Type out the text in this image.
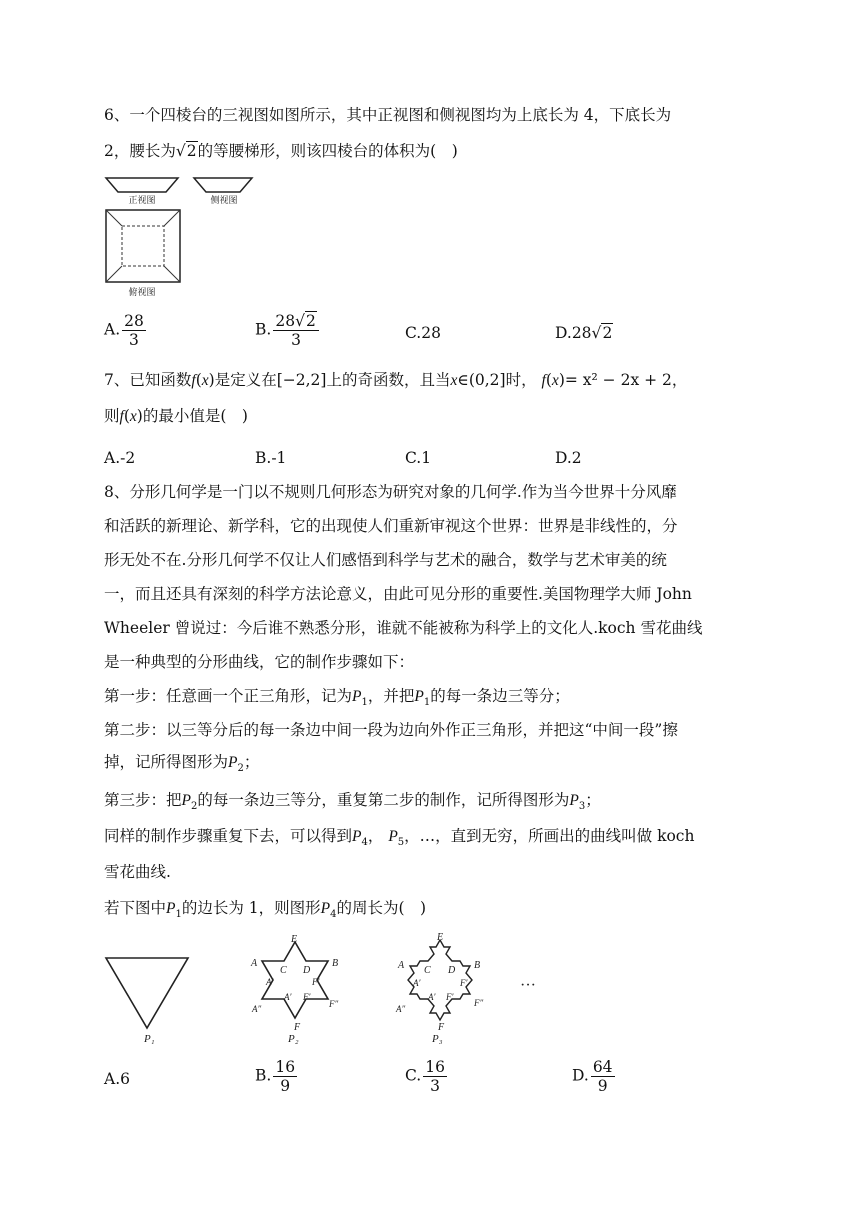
6、一个四棱台的三视图如图所示，其中正视图和侧视图均为上底长为 4，下底长为
2，腰长为√2的等腰梯形，则该四棱台的体积为(　)
正视图	侧视图
俯视图
A. $\frac{28}{3}$	B. $\frac{28√2}{3}$	C.28	D.28√2
7、已知函数f(x)是定义在[−2,2]上的奇函数，且当x∈(0,2]时， f(x)= x² − 2x + 2，
则f(x)的最小值是(　)
A.-2	B.-1	C.1	D.2
8、分形几何学是一门以不规则几何形态为研究对象的几何学.作为当今世界十分风靡
和活跃的新理论、新学科，它的出现使人们重新审视这个世界：世界是非线性的，分
形无处不在.分形几何学不仅让人们感悟到科学与艺术的融合，数学与艺术审美的统
一，而且还具有深刻的科学方法论意义，由此可见分形的重要性.美国物理学大师 John
Wheeler 曾说过：今后谁不熟悉分形，谁就不能被称为科学上的文化人.koch 雪花曲线
是一种典型的分形曲线，它的制作步骤如下：
第一步：任意画一个正三角形，记为$P_1$，并把$P_1$的每一条边三等分；
第二步：以三等分后的每一条边中间一段为边向外作正三角形，并把这“中间一段”擦
掉，记所得图形为$P_2$；
第三步：把$P_2$的每一条边三等分，重复第二步的制作，记所得图形为$P_3$；
同样的制作步骤重复下去，可以得到$P_4$， $P_5$，…，直到无穷，所画出的曲线叫做 koch
雪花曲线.
若下图中$P_1$的边长为 1，则图形$P_4$的周长为(　)
P₁
E
A	B
C D
A′	F′
A′ F′
A″	F″
F
P₂
E
A	B
C D
A′	F′
A′ F′
A″
F″
F
P₃
···
A.6	B. $\frac{16}{9}$	C. $\frac{16}{3}$	D. $\frac{64}{9}$
